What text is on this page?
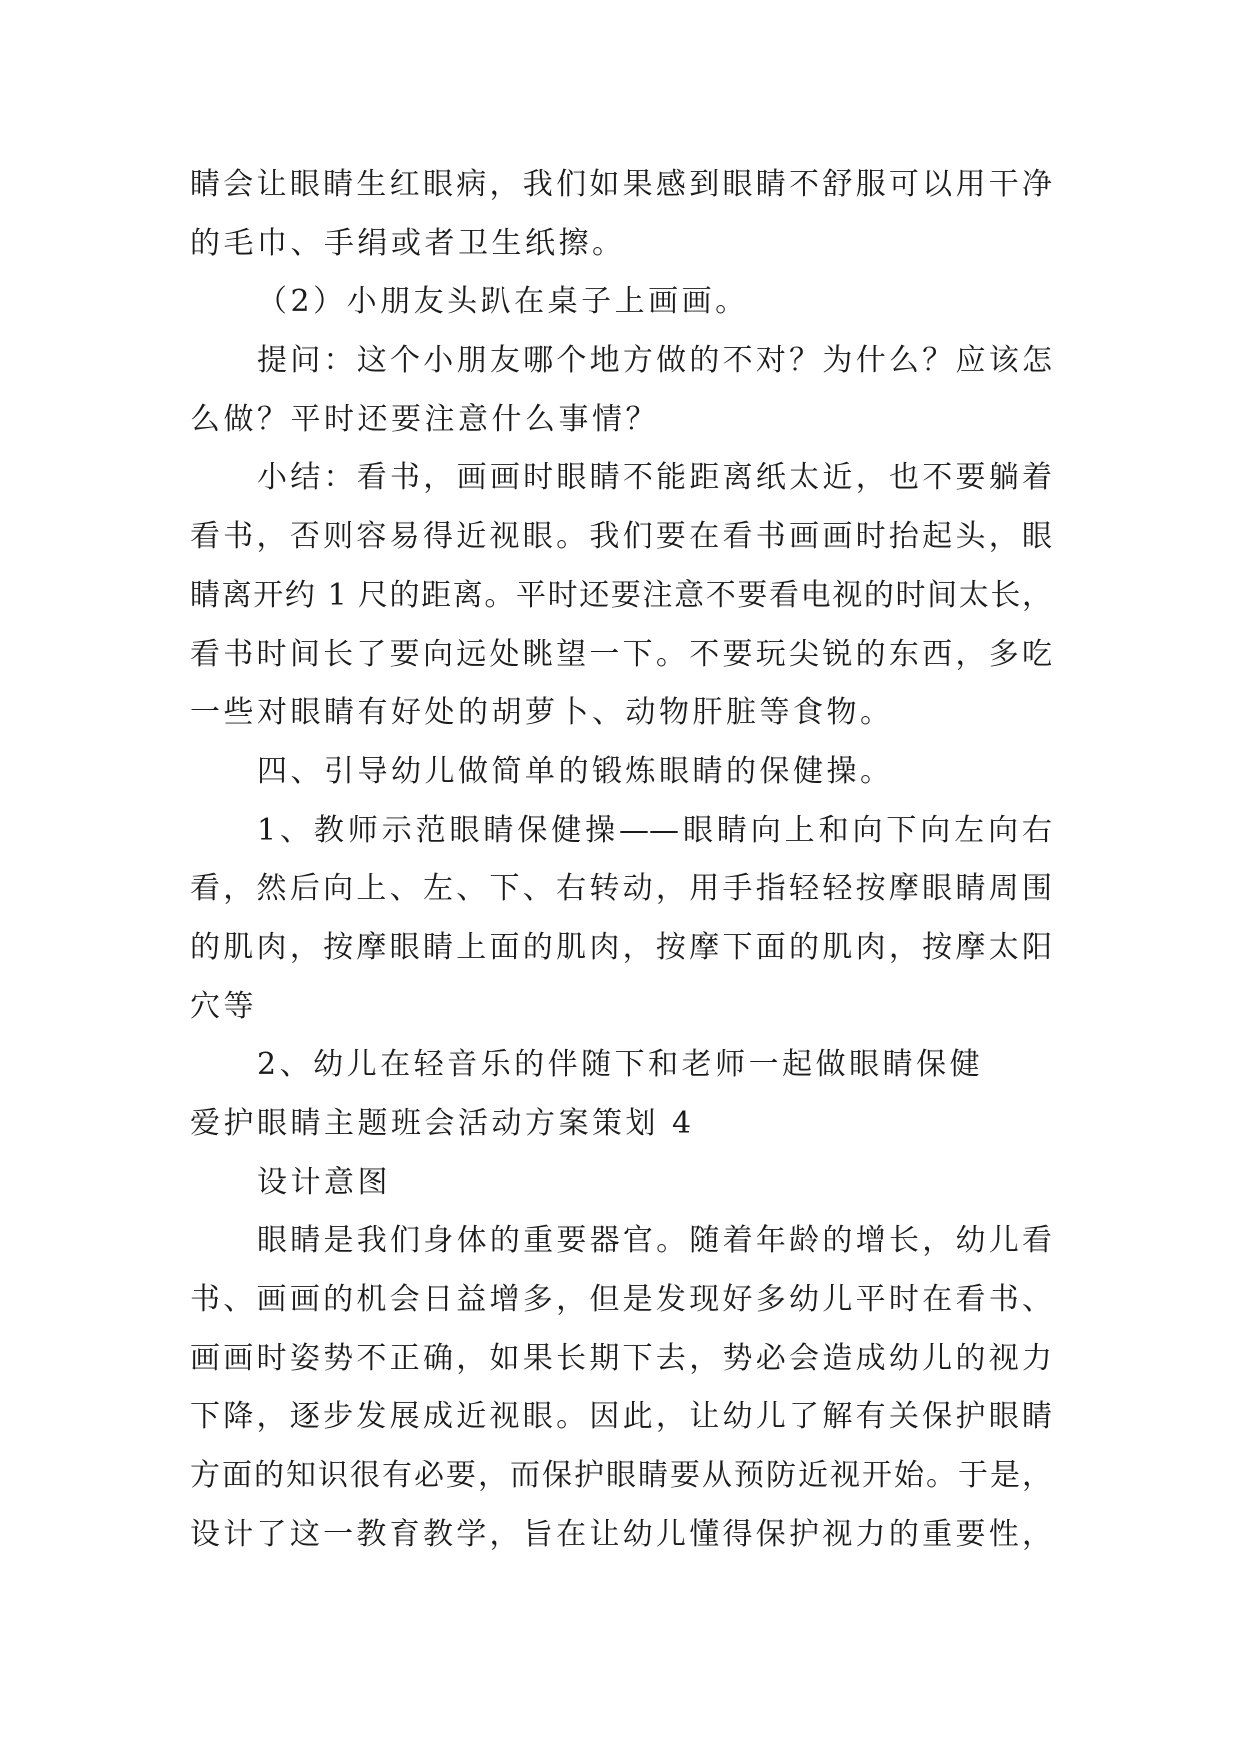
睛会让眼睛生红眼病，我们如果感到眼睛不舒服可以用干净
的毛巾、手绢或者卫生纸擦。
（2）小朋友头趴在桌子上画画。
提问：这个小朋友哪个地方做的不对？为什么？应该怎
么做？平时还要注意什么事情？
小结：看书，画画时眼睛不能距离纸太近，也不要躺着
看书，否则容易得近视眼。我们要在看书画画时抬起头，眼
睛离开约 1 尺的距离。平时还要注意不要看电视的时间太长，
看书时间长了要向远处眺望一下。不要玩尖锐的东西，多吃
一些对眼睛有好处的胡萝卜、动物肝脏等食物。
四、引导幼儿做简单的锻炼眼睛的保健操。
1、教师示范眼睛保健操——眼睛向上和向下向左向右
看，然后向上、左、下、右转动，用手指轻轻按摩眼睛周围
的肌肉，按摩眼睛上面的肌肉，按摩下面的肌肉，按摩太阳
穴等
2、幼儿在轻音乐的伴随下和老师一起做眼睛保健
爱护眼睛主题班会活动方案策划 4
设计意图
眼睛是我们身体的重要器官。随着年龄的增长，幼儿看
书、画画的机会日益增多，但是发现好多幼儿平时在看书、
画画时姿势不正确，如果长期下去，势必会造成幼儿的视力
下降，逐步发展成近视眼。因此，让幼儿了解有关保护眼睛
方面的知识很有必要，而保护眼睛要从预防近视开始。于是，
设计了这一教育教学，旨在让幼儿懂得保护视力的重要性，
